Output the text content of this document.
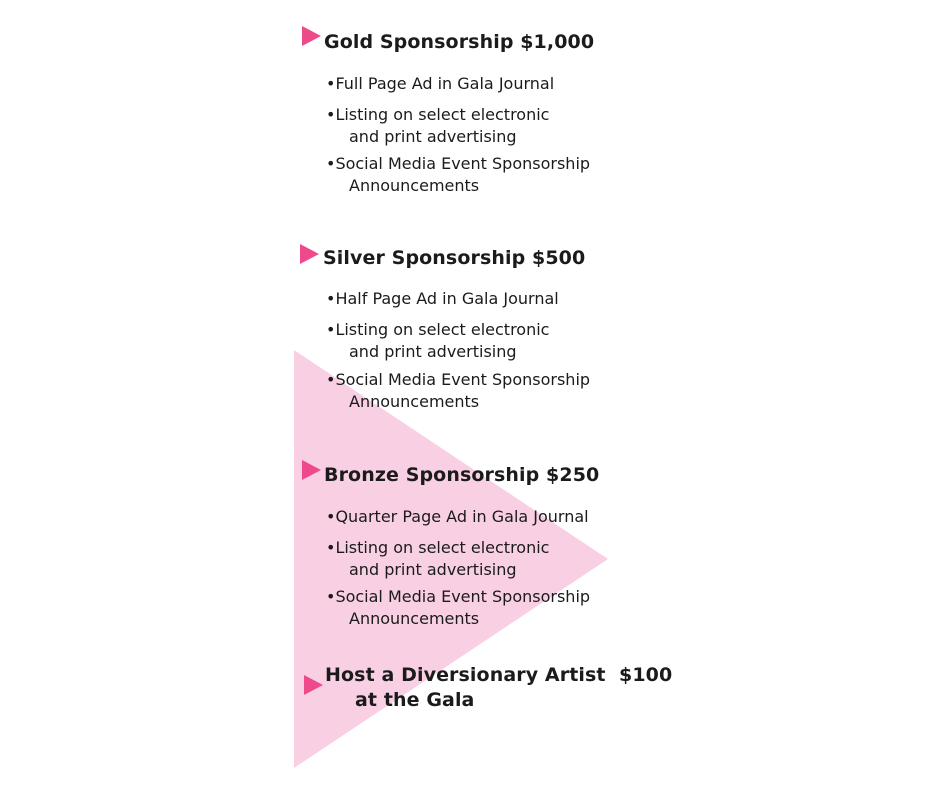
Gold Sponsorship $1,000
•Full Page Ad in Gala Journal
•Listing on select electronic
and print advertising
•Social Media Event Sponsorship
Announcements
Silver Sponsorship $500
•Half Page Ad in Gala Journal
•Listing on select electronic
and print advertising
•Social Media Event Sponsorship
Announcements
Bronze Sponsorship $250
•Quarter Page Ad in Gala Journal
•Listing on select electronic
and print advertising
•Social Media Event Sponsorship
Announcements
Host a Diversionary Artist  $100
at the Gala
